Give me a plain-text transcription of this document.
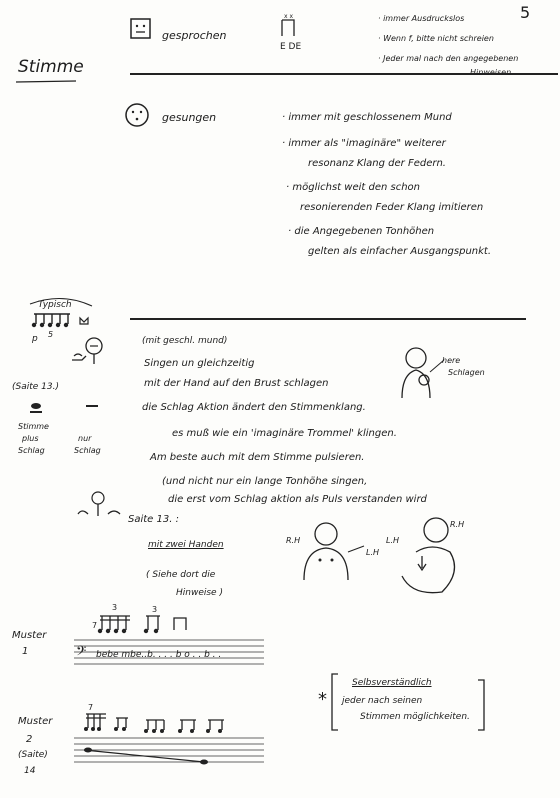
5
Stimme
gesprochen
x x
E DE
· immer Ausdruckslos
· Wenn f, bitte nicht schreien
· Jeder mal nach den angegebenen
gesungen	· immer mit geschlossenem Mund
· immer als "imaginäre" weiterer
resonanz Klang der Federn.
· möglichst weit den schon
resonierenden Feder Klang imitieren
· die Angegebenen Tonhöhen
gelten als einfacher Ausgangspunkt.
Typisch
p 5
(Saite 13.)
Stimme
plus
Schlag
nur
Schlag
(mit geschl. mund)
Singen un gleichzeitig
mit der Hand auf den Brust schlagen
die Schlag Aktion ändert den Stimmenklang.
es muß wie ein 'imaginäre Trommel' klingen.
Am beste auch mit dem Stimme pulsieren.
(und nicht nur ein lange Tonhöhe singen,
die erst vom Schlag aktion als Puls verstanden wird
here
Schlagen
Saite 13. :
mit zwei Handen
( Siehe dort die
Hinweise )
R.H
L.H
R.H
L.H
Muster
1
7
3	3
𝄢 bebe mbe..b. . . . b o . . b . .
*
Selbsverständlich
jeder nach seinen
Stimmen möglichkeiten.
Muster
2
(Saite)
14
7
